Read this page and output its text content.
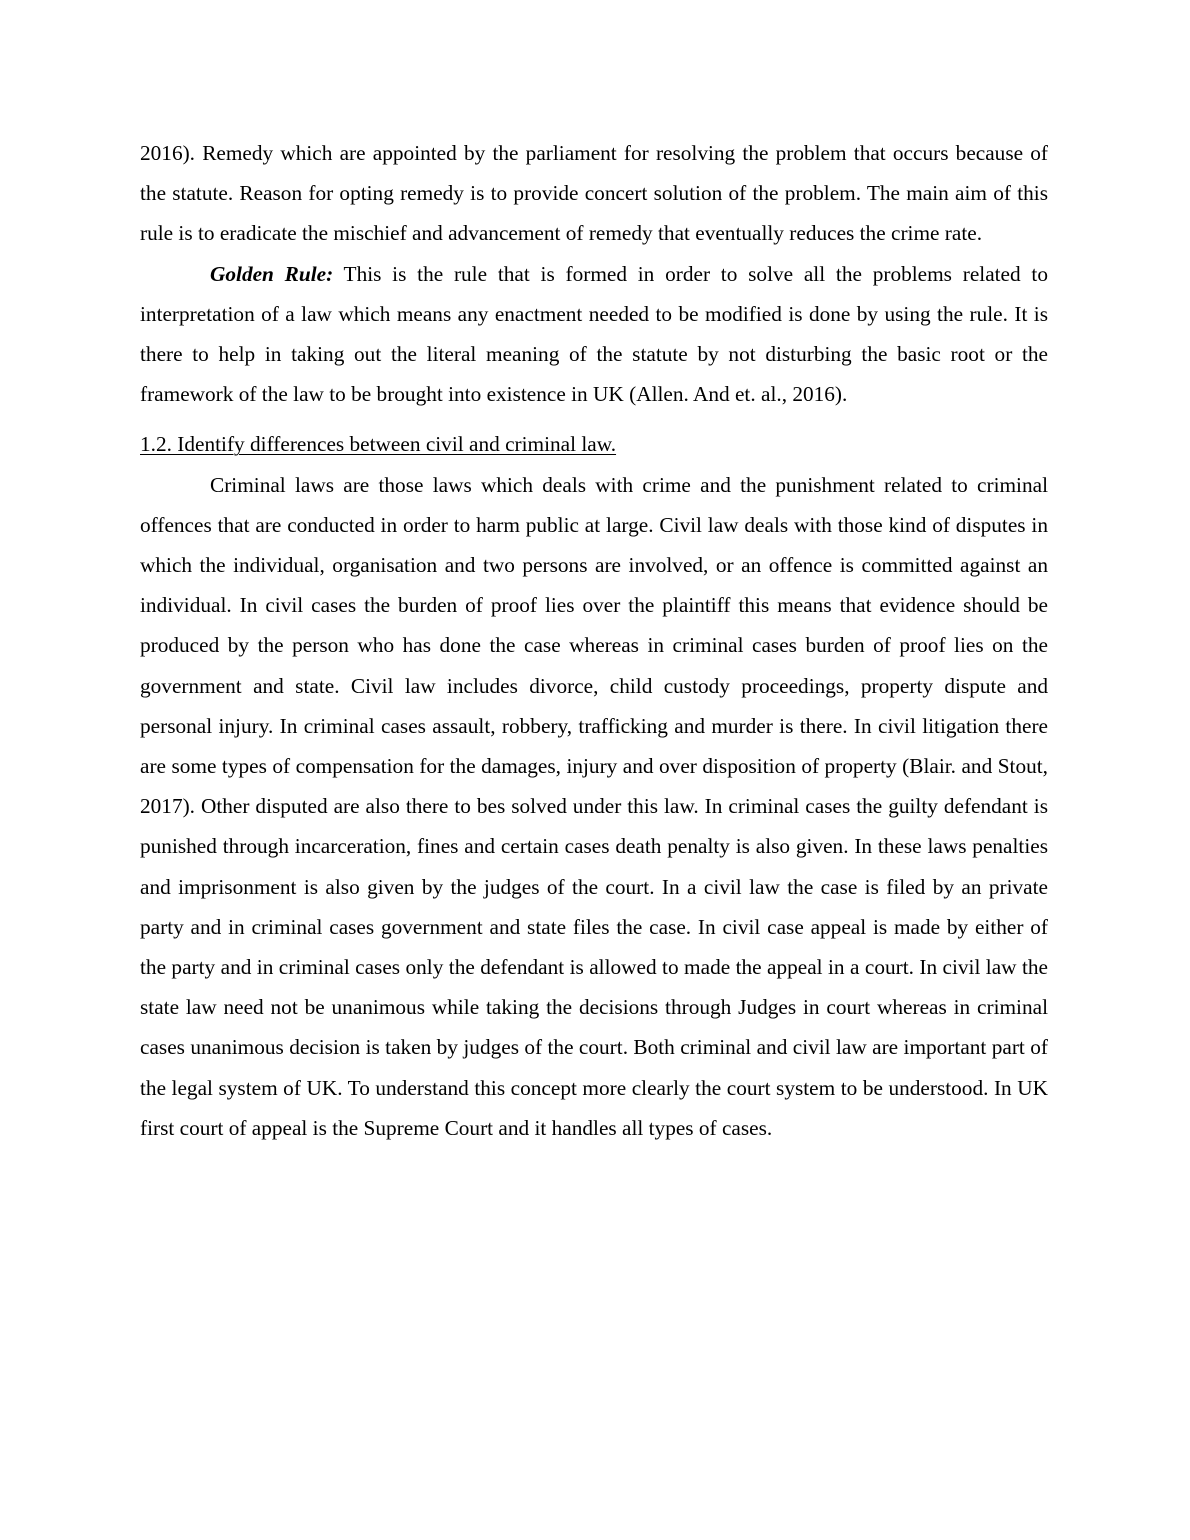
2016). Remedy which are appointed by the parliament for resolving the problem that occurs because of the statute. Reason for opting remedy is to provide concert solution of the problem. The main aim of this rule is to eradicate the mischief and advancement of remedy that eventually reduces the crime rate.

Golden Rule: This is the rule that is formed in order to solve all the problems related to interpretation of a law which means any enactment needed to be modified is done by using the rule. It is there to help in taking out the literal meaning of the statute by not disturbing the basic root or the framework of the law to be brought into existence in UK (Allen. And et. al., 2016).

1.2. Identify differences between civil and criminal law.

Criminal laws are those laws which deals with crime and the punishment related to criminal offences that are conducted in order to harm public at large. Civil law deals with those kind of disputes in which the individual, organisation and two persons are involved, or an offence is committed against an individual. In civil cases the burden of proof lies over the plaintiff this means that evidence should be produced by the person who has done the case whereas in criminal cases burden of proof lies on the government and state. Civil law includes divorce, child custody proceedings, property dispute and personal injury. In criminal cases assault, robbery, trafficking and murder is there. In civil litigation there are some types of compensation for the damages, injury and over disposition of property (Blair. and Stout, 2017). Other disputed are also there to bes solved under this law. In criminal cases the guilty defendant is punished through incarceration, fines and certain cases death penalty is also given. In these laws penalties and imprisonment is also given by the judges of the court. In a civil law the case is filed by an private party and in criminal cases government and state files the case. In civil case appeal is made by either of the party and in criminal cases only the defendant is allowed to made the appeal in a court. In civil law the state law need not be unanimous while taking the decisions through Judges in court whereas in criminal cases unanimous decision is taken by judges of the court. Both criminal and civil law are important part of the legal system of UK. To understand this concept more clearly the court system to be understood. In UK first court of appeal is the Supreme Court and it handles all types of cases.
